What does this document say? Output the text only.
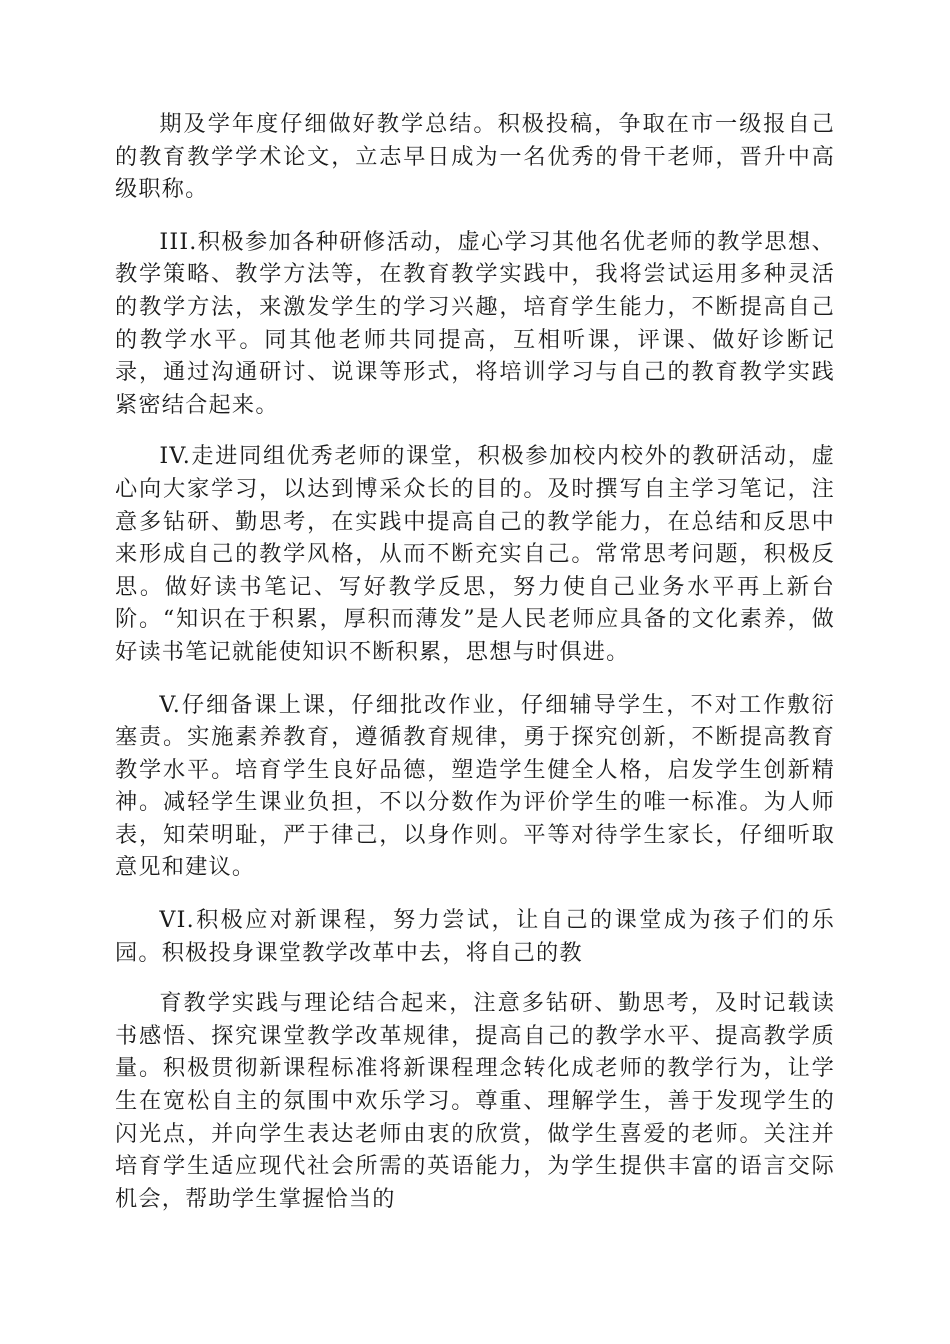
期及学年度仔细做好教学总结。积极投稿，争取在市一级报自己的教育教学学术论文，立志早日成为一名优秀的骨干老师，晋升中高级职称。

III.积极参加各种研修活动，虚心学习其他名优老师的教学思想、教学策略、教学方法等，在教育教学实践中，我将尝试运用多种灵活的教学方法，来激发学生的学习兴趣，培育学生能力，不断提高自己的教学水平。同其他老师共同提高，互相听课，评课、做好诊断记录，通过沟通研讨、说课等形式，将培训学习与自己的教育教学实践紧密结合起来。

IV.走进同组优秀老师的课堂，积极参加校内校外的教研活动，虚心向大家学习，以达到博采众长的目的。及时撰写自主学习笔记，注意多钻研、勤思考，在实践中提高自己的教学能力，在总结和反思中来形成自己的教学风格，从而不断充实自己。常常思考问题，积极反思。做好读书笔记、写好教学反思，努力使自己业务水平再上新台阶。“知识在于积累，厚积而薄发”是人民老师应具备的文化素养，做好读书笔记就能使知识不断积累，思想与时俱进。

V.仔细备课上课，仔细批改作业，仔细辅导学生，不对工作敷衍塞责。实施素养教育，遵循教育规律，勇于探究创新，不断提高教育教学水平。培育学生良好品德，塑造学生健全人格，启发学生创新精神。减轻学生课业负担，不以分数作为评价学生的唯一标准。为人师表，知荣明耻，严于律己，以身作则。平等对待学生家长，仔细听取意见和建议。

VI.积极应对新课程，努力尝试，让自己的课堂成为孩子们的乐园。积极投身课堂教学改革中去，将自己的教

育教学实践与理论结合起来，注意多钻研、勤思考，及时记载读书感悟、探究课堂教学改革规律，提高自己的教学水平、提高教学质量。积极贯彻新课程标准将新课程理念转化成老师的教学行为，让学生在宽松自主的氛围中欢乐学习。尊重、理解学生，善于发现学生的闪光点，并向学生表达老师由衷的欣赏，做学生喜爱的老师。关注并培育学生适应现代社会所需的英语能力，为学生提供丰富的语言交际机会，帮助学生掌握恰当的
